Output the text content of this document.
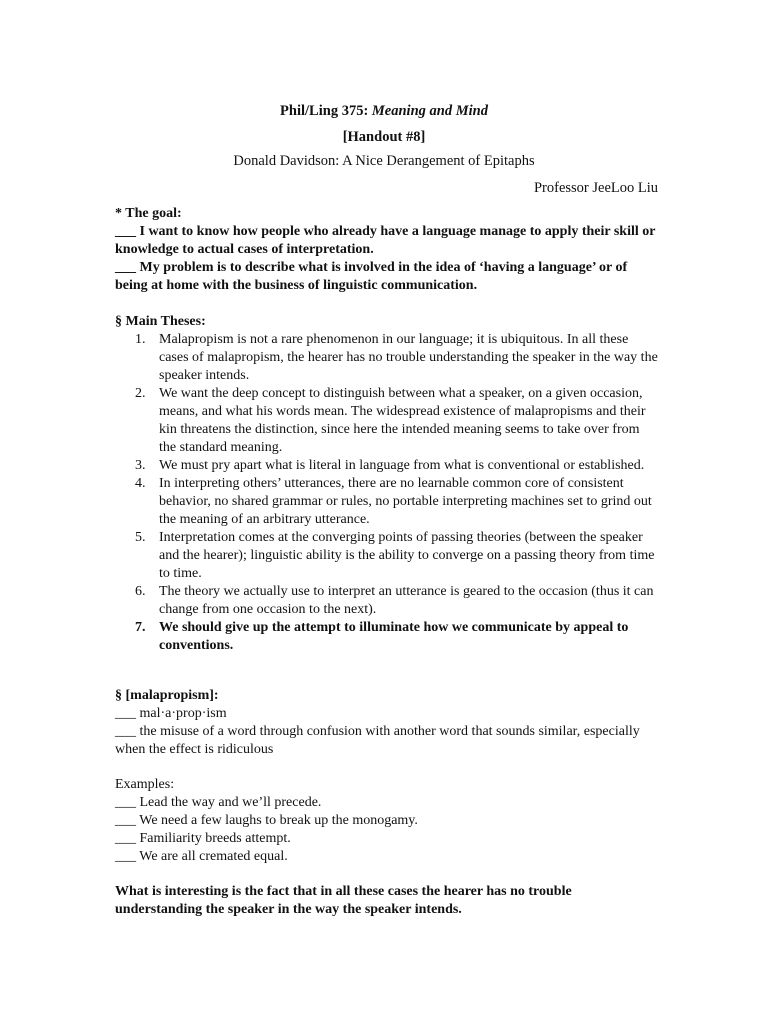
Phil/Ling 375: Meaning and Mind
[Handout #8]
Donald Davidson: A Nice Derangement of Epitaphs
Professor JeeLoo Liu

* The goal:

___ I want to know how people who already have a language manage to apply their skill or knowledge to actual cases of interpretation.

___ My problem is to describe what is involved in the idea of ‘having a language’ or of being at home with the business of linguistic communication.

§ Main Theses:
1. Malapropism is not a rare phenomenon in our language; it is ubiquitous. In all these cases of malapropism, the hearer has no trouble understanding the speaker in the way the speaker intends.
2. We want the deep concept to distinguish between what a speaker, on a given occasion, means, and what his words mean. The widespread existence of malapropisms and their kin threatens the distinction, since here the intended meaning seems to take over from the standard meaning.
3. We must pry apart what is literal in language from what is conventional or established.
4. In interpreting others’ utterances, there are no learnable common core of consistent behavior, no shared grammar or rules, no portable interpreting machines set to grind out the meaning of an arbitrary utterance.
5. Interpretation comes at the converging points of passing theories (between the speaker and the hearer); linguistic ability is the ability to converge on a passing theory from time to time.
6. The theory we actually use to interpret an utterance is geared to the occasion (thus it can change from one occasion to the next).
7. We should give up the attempt to illuminate how we communicate by appeal to conventions.

§ [malapropism]:

___ mal·a·prop·ism

___ the misuse of a word through confusion with another word that sounds similar, especially when the effect is ridiculous

Examples:

___ Lead the way and we’ll precede.

___ We need a few laughs to break up the monogamy.

___ Familiarity breeds attempt.

___ We are all cremated equal.

What is interesting is the fact that in all these cases the hearer has no trouble understanding the speaker in the way the speaker intends.
